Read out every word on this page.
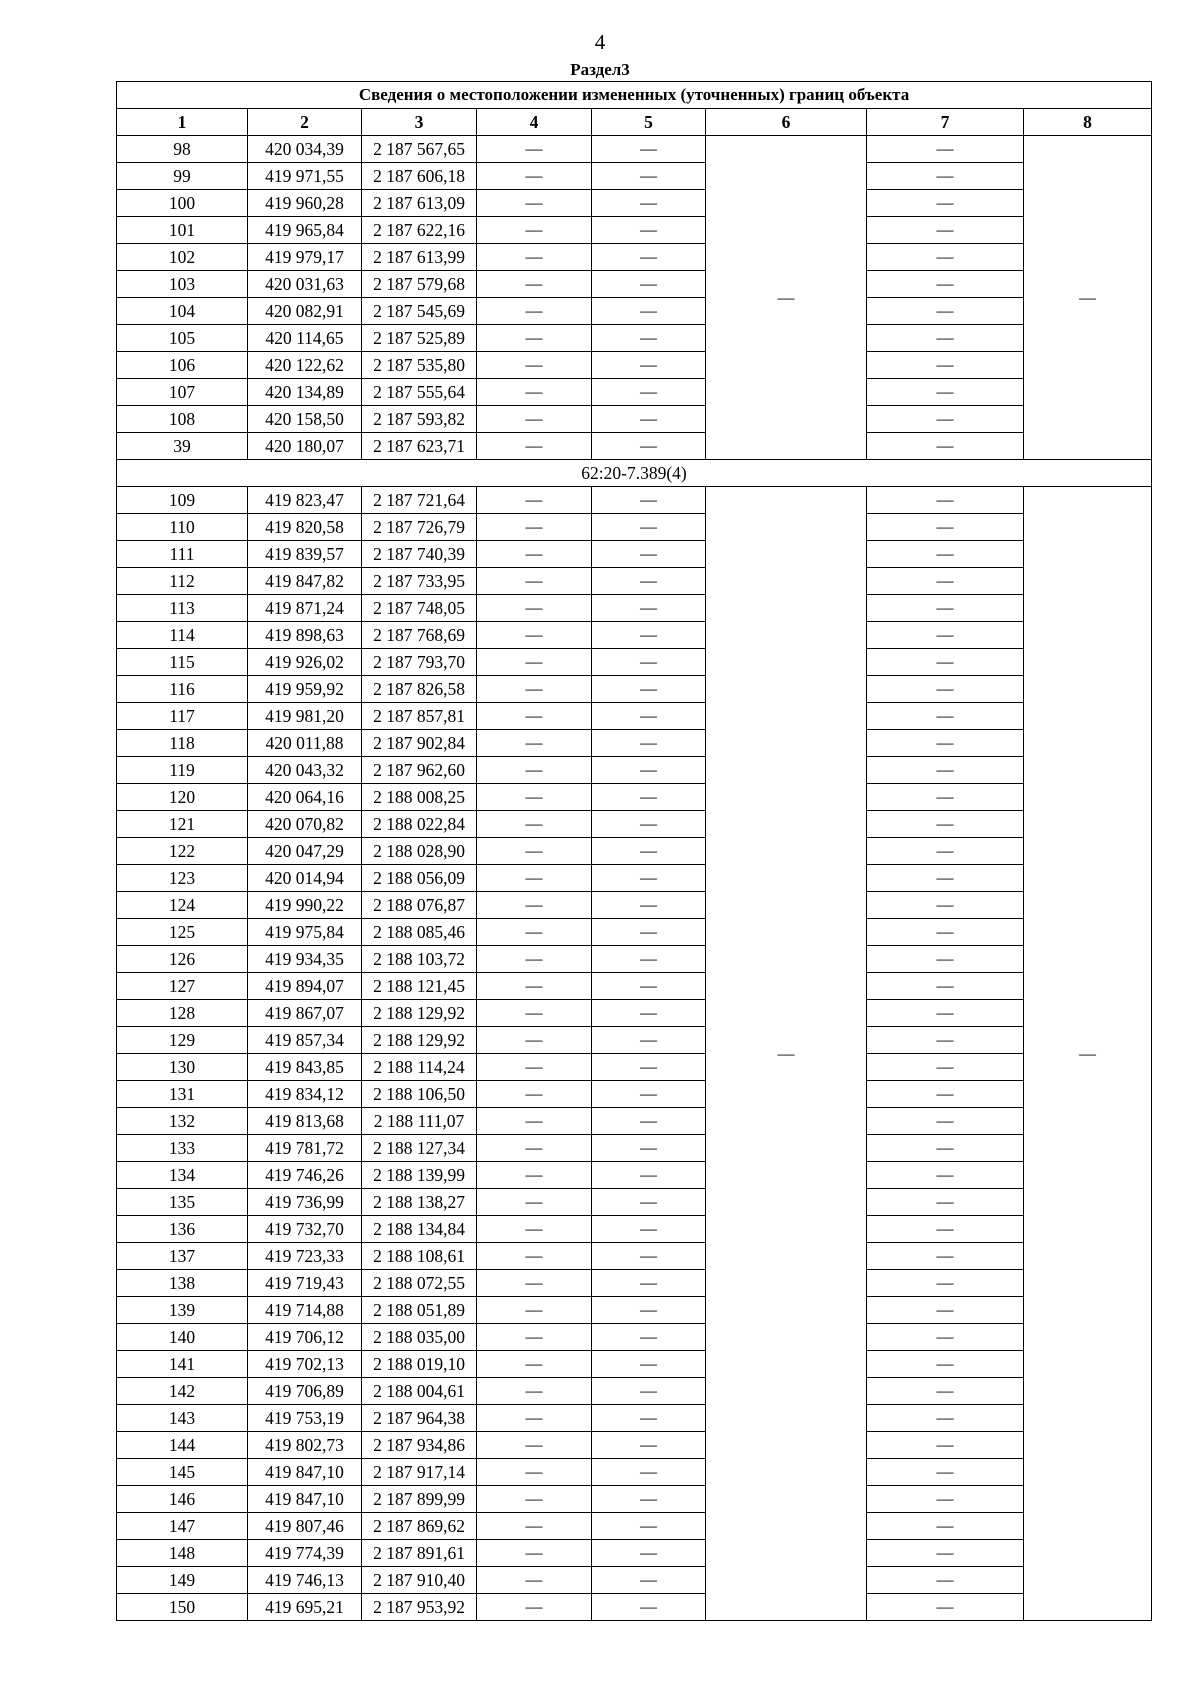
4
Раздел3
Сведения о местоположении измененных (уточненных) границ объекта							
1	2	3	4	5	6	7	8
98	420 034,39	2 187 567,65	—	—	—	—	—
99	419 971,55	2 187 606,18	—	—		—	
100	419 960,28	2 187 613,09	—	—		—	
101	419 965,84	2 187 622,16	—	—		—	
102	419 979,17	2 187 613,99	—	—		—	
103	420 031,63	2 187 579,68	—	—		—	
104	420 082,91	2 187 545,69	—	—		—	
105	420 114,65	2 187 525,89	—	—		—	
106	420 122,62	2 187 535,80	—	—		—	
107	420 134,89	2 187 555,64	—	—		—	
108	420 158,50	2 187 593,82	—	—		—	
39	420 180,07	2 187 623,71	—	—		—	
62:20-7.389(4)							
109	419 823,47	2 187 721,64	—	—	—	—	—
110	419 820,58	2 187 726,79	—	—		—	
111	419 839,57	2 187 740,39	—	—		—	
112	419 847,82	2 187 733,95	—	—		—	
113	419 871,24	2 187 748,05	—	—		—	
114	419 898,63	2 187 768,69	—	—		—	
115	419 926,02	2 187 793,70	—	—		—	
116	419 959,92	2 187 826,58	—	—		—	
117	419 981,20	2 187 857,81	—	—		—	
118	420 011,88	2 187 902,84	—	—		—	
119	420 043,32	2 187 962,60	—	—		—	
120	420 064,16	2 188 008,25	—	—		—	
121	420 070,82	2 188 022,84	—	—		—	
122	420 047,29	2 188 028,90	—	—		—	
123	420 014,94	2 188 056,09	—	—		—	
124	419 990,22	2 188 076,87	—	—		—	
125	419 975,84	2 188 085,46	—	—		—	
126	419 934,35	2 188 103,72	—	—		—	
127	419 894,07	2 188 121,45	—	—		—	
128	419 867,07	2 188 129,92	—	—		—	
129	419 857,34	2 188 129,92	—	—		—	
130	419 843,85	2 188 114,24	—	—		—	
131	419 834,12	2 188 106,50	—	—		—	
132	419 813,68	2 188 111,07	—	—		—	
133	419 781,72	2 188 127,34	—	—		—	
134	419 746,26	2 188 139,99	—	—		—	
135	419 736,99	2 188 138,27	—	—		—	
136	419 732,70	2 188 134,84	—	—		—	
137	419 723,33	2 188 108,61	—	—		—	
138	419 719,43	2 188 072,55	—	—		—	
139	419 714,88	2 188 051,89	—	—		—	
140	419 706,12	2 188 035,00	—	—		—	
141	419 702,13	2 188 019,10	—	—		—	
142	419 706,89	2 188 004,61	—	—		—	
143	419 753,19	2 187 964,38	—	—		—	
144	419 802,73	2 187 934,86	—	—		—	
145	419 847,10	2 187 917,14	—	—		—	
146	419 847,10	2 187 899,99	—	—		—	
147	419 807,46	2 187 869,62	—	—		—	
148	419 774,39	2 187 891,61	—	—		—	
149	419 746,13	2 187 910,40	—	—		—	
150	419 695,21	2 187 953,92	—	—		—	
